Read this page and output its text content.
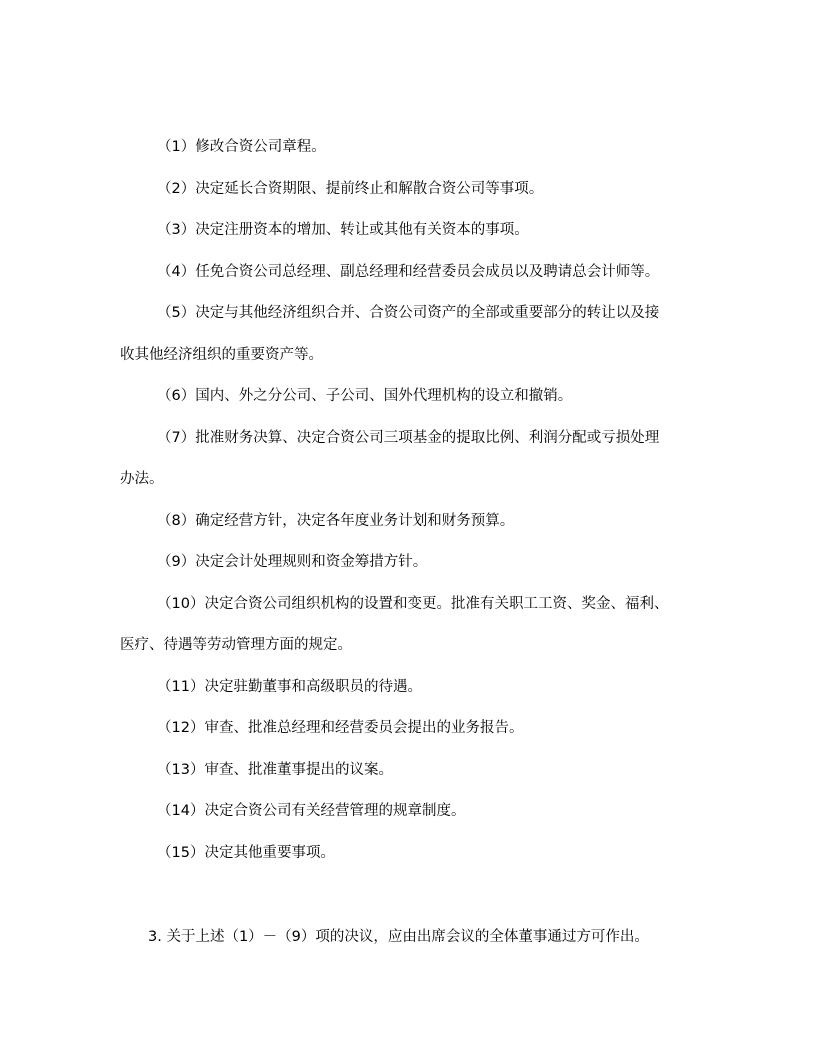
（1）修改合资公司章程。
（2）决定延长合资期限、提前终止和解散合资公司等事项。
（3）决定注册资本的增加、转让或其他有关资本的事项。
（4）任免合资公司总经理、副总经理和经营委员会成员以及聘请总会计师等。
（5）决定与其他经济组织合并、合资公司资产的全部或重要部分的转让以及接
收其他经济组织的重要资产等。
（6）国内、外之分公司、子公司、国外代理机构的设立和撤销。
（7）批准财务决算、决定合资公司三项基金的提取比例、利润分配或亏损处理
办法。
（8）确定经营方针，决定各年度业务计划和财务预算。
（9）决定会计处理规则和资金筹措方针。
（10）决定合资公司组织机构的设置和变更。批准有关职工工资、奖金、福利、
医疗、待遇等劳动管理方面的规定。
（11）决定驻勤董事和高级职员的待遇。
（12）审查、批准总经理和经营委员会提出的业务报告。
（13）审查、批准董事提出的议案。
（14）决定合资公司有关经营管理的规章制度。
（15）决定其他重要事项。
3. 关于上述（1）－（9）项的决议，应由出席会议的全体董事通过方可作出。
